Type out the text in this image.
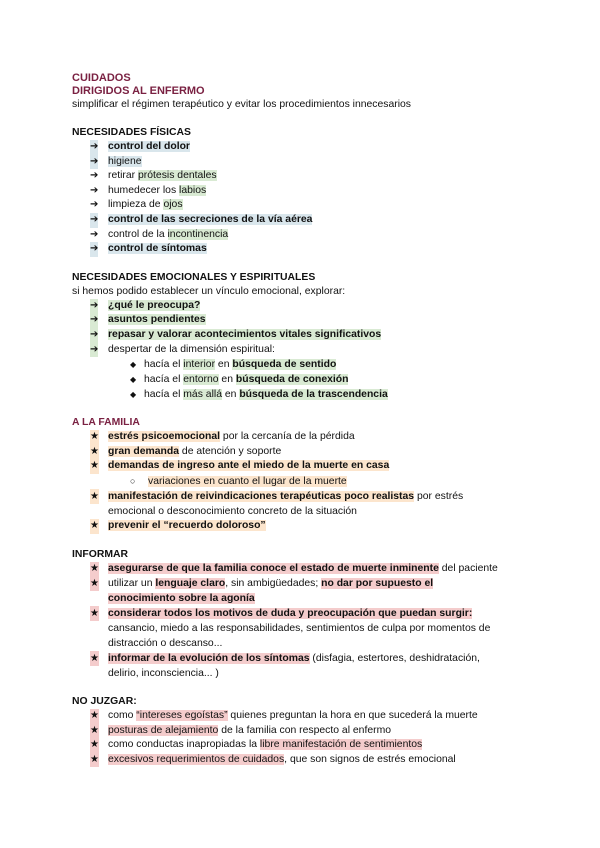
CUIDADOS

DIRIGIDOS AL ENFERMO

simplificar el régimen terapéutico y evitar los procedimientos innecesarios

NECESIDADES FÍSICAS

➔ control del dolor
➔ higiene
➔ retirar prótesis dentales
➔ humedecer los labios
➔ limpieza de ojos
➔ control de las secreciones de la vía aérea
➔ control de la incontinencia
➔ control de síntomas

NECESIDADES EMOCIONALES Y ESPIRITUALES

si hemos podido establecer un vínculo emocional, explorar:

➔ ¿qué le preocupa?
➔ asuntos pendientes
➔ repasar y valorar acontecimientos vitales significativos
➔ despertar de la dimensión espiritual:
◆ hacía el interior en búsqueda de sentido
◆ hacía el entorno en búsqueda de conexión
◆ hacía el más allá en búsqueda de la trascendencia

A LA FAMILIA

★ estrés psicoemocional por la cercanía de la pérdida
★ gran demanda de atención y soporte
★ demandas de ingreso ante el miedo de la muerte en casa
○ variaciones en cuanto el lugar de la muerte
★ manifestación de reivindicaciones terapéuticas poco realistas por estrés
emocional o desconocimiento concreto de la situación
★ prevenir el “recuerdo doloroso”

INFORMAR

★ asegurarse de que la familia conoce el estado de muerte inminente del paciente
★ utilizar un lenguaje claro, sin ambigüedades; no dar por supuesto el
conocimiento sobre la agonía
★ considerar todos los motivos de duda y preocupación que puedan surgir:
cansancio, miedo a las responsabilidades, sentimientos de culpa por momentos de
distracción o descanso...
★ informar de la evolución de los síntomas (disfagia, estertores, deshidratación,
delirio, inconsciencia... )

NO JUZGAR:

★ como “intereses egoístas” quienes preguntan la hora en que sucederá la muerte
★ posturas de alejamiento de la familia con respecto al enfermo
★ como conductas inapropiadas la libre manifestación de sentimientos
★ excesivos requerimientos de cuidados, que son signos de estrés emocional
